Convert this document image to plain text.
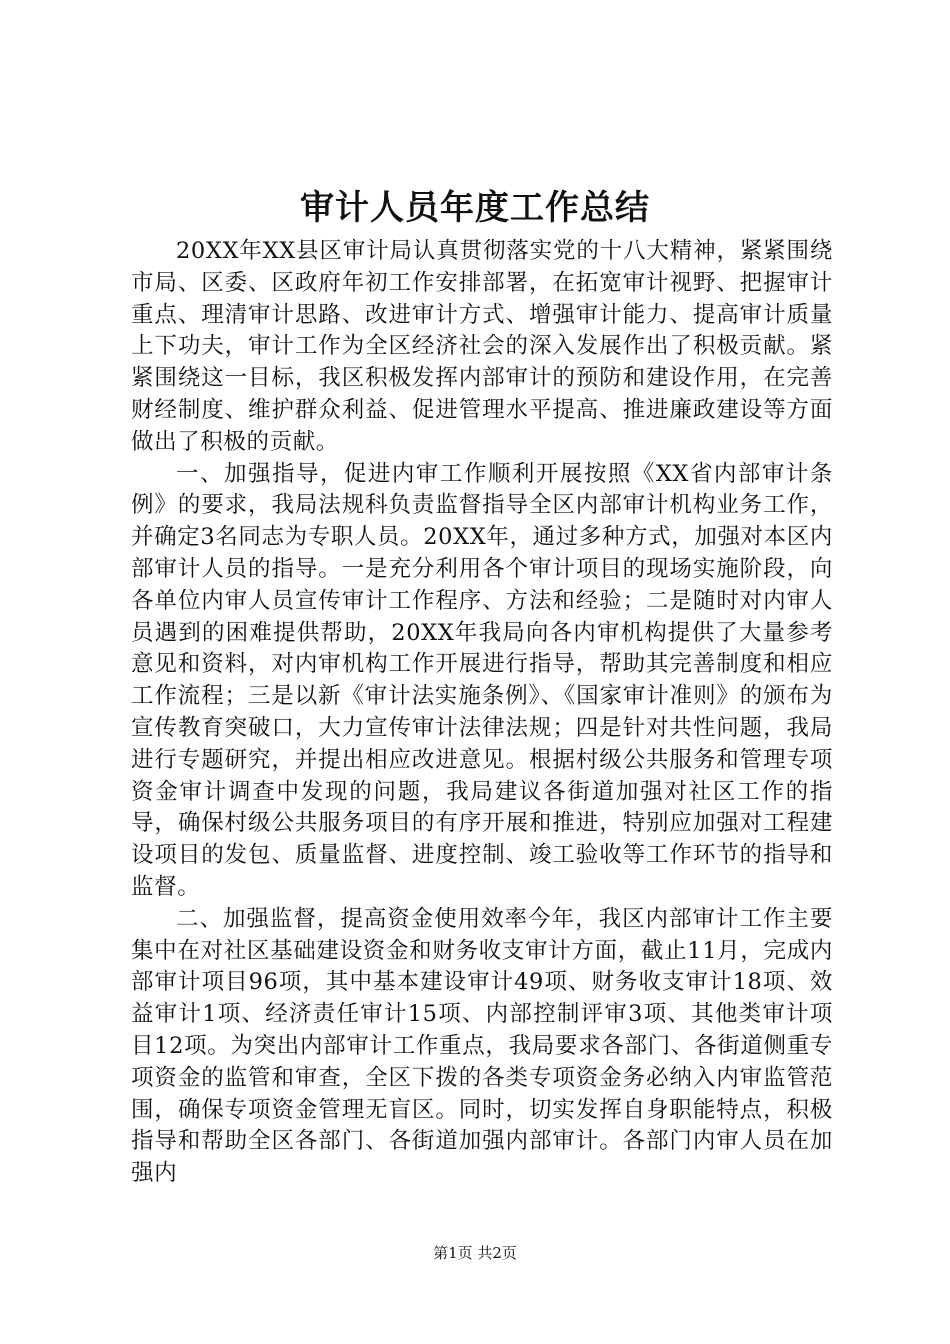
审计人员年度工作总结

20XX年XX县区审计局认真贯彻落实党的十八大精神，紧紧围绕市局、区委、区政府年初工作安排部署，在拓宽审计视野、把握审计重点、理清审计思路、改进审计方式、增强审计能力、提高审计质量上下功夫，审计工作为全区经济社会的深入发展作出了积极贡献。紧紧围绕这一目标，我区积极发挥内部审计的预防和建设作用，在完善财经制度、维护群众利益、促进管理水平提高、推进廉政建设等方面做出了积极的贡献。

一、加强指导，促进内审工作顺利开展按照《XX省内部审计条例》的要求，我局法规科负责监督指导全区内部审计机构业务工作，并确定3名同志为专职人员。20XX年，通过多种方式，加强对本区内部审计人员的指导。一是充分利用各个审计项目的现场实施阶段，向各单位内审人员宣传审计工作程序、方法和经验；二是随时对内审人员遇到的困难提供帮助，20XX年我局向各内审机构提供了大量参考意见和资料，对内审机构工作开展进行指导，帮助其完善制度和相应工作流程；三是以新《审计法实施条例》、《国家审计准则》的颁布为宣传教育突破口，大力宣传审计法律法规；四是针对共性问题，我局进行专题研究，并提出相应改进意见。根据村级公共服务和管理专项资金审计调查中发现的问题，我局建议各街道加强对社区工作的指导，确保村级公共服务项目的有序开展和推进，特别应加强对工程建设项目的发包、质量监督、进度控制、竣工验收等工作环节的指导和监督。

二、加强监督，提高资金使用效率今年，我区内部审计工作主要集中在对社区基础建设资金和财务收支审计方面，截止11月，完成内部审计项目96项，其中基本建设审计49项、财务收支审计18项、效益审计1项、经济责任审计15项、内部控制评审3项、其他类审计项目12项。为突出内部审计工作重点，我局要求各部门、各街道侧重专项资金的监管和审查，全区下拨的各类专项资金务必纳入内审监管范围，确保专项资金管理无盲区。同时，切实发挥自身职能特点，积极指导和帮助全区各部门、各街道加强内部审计。各部门内审人员在加强内

第1页 共2页
